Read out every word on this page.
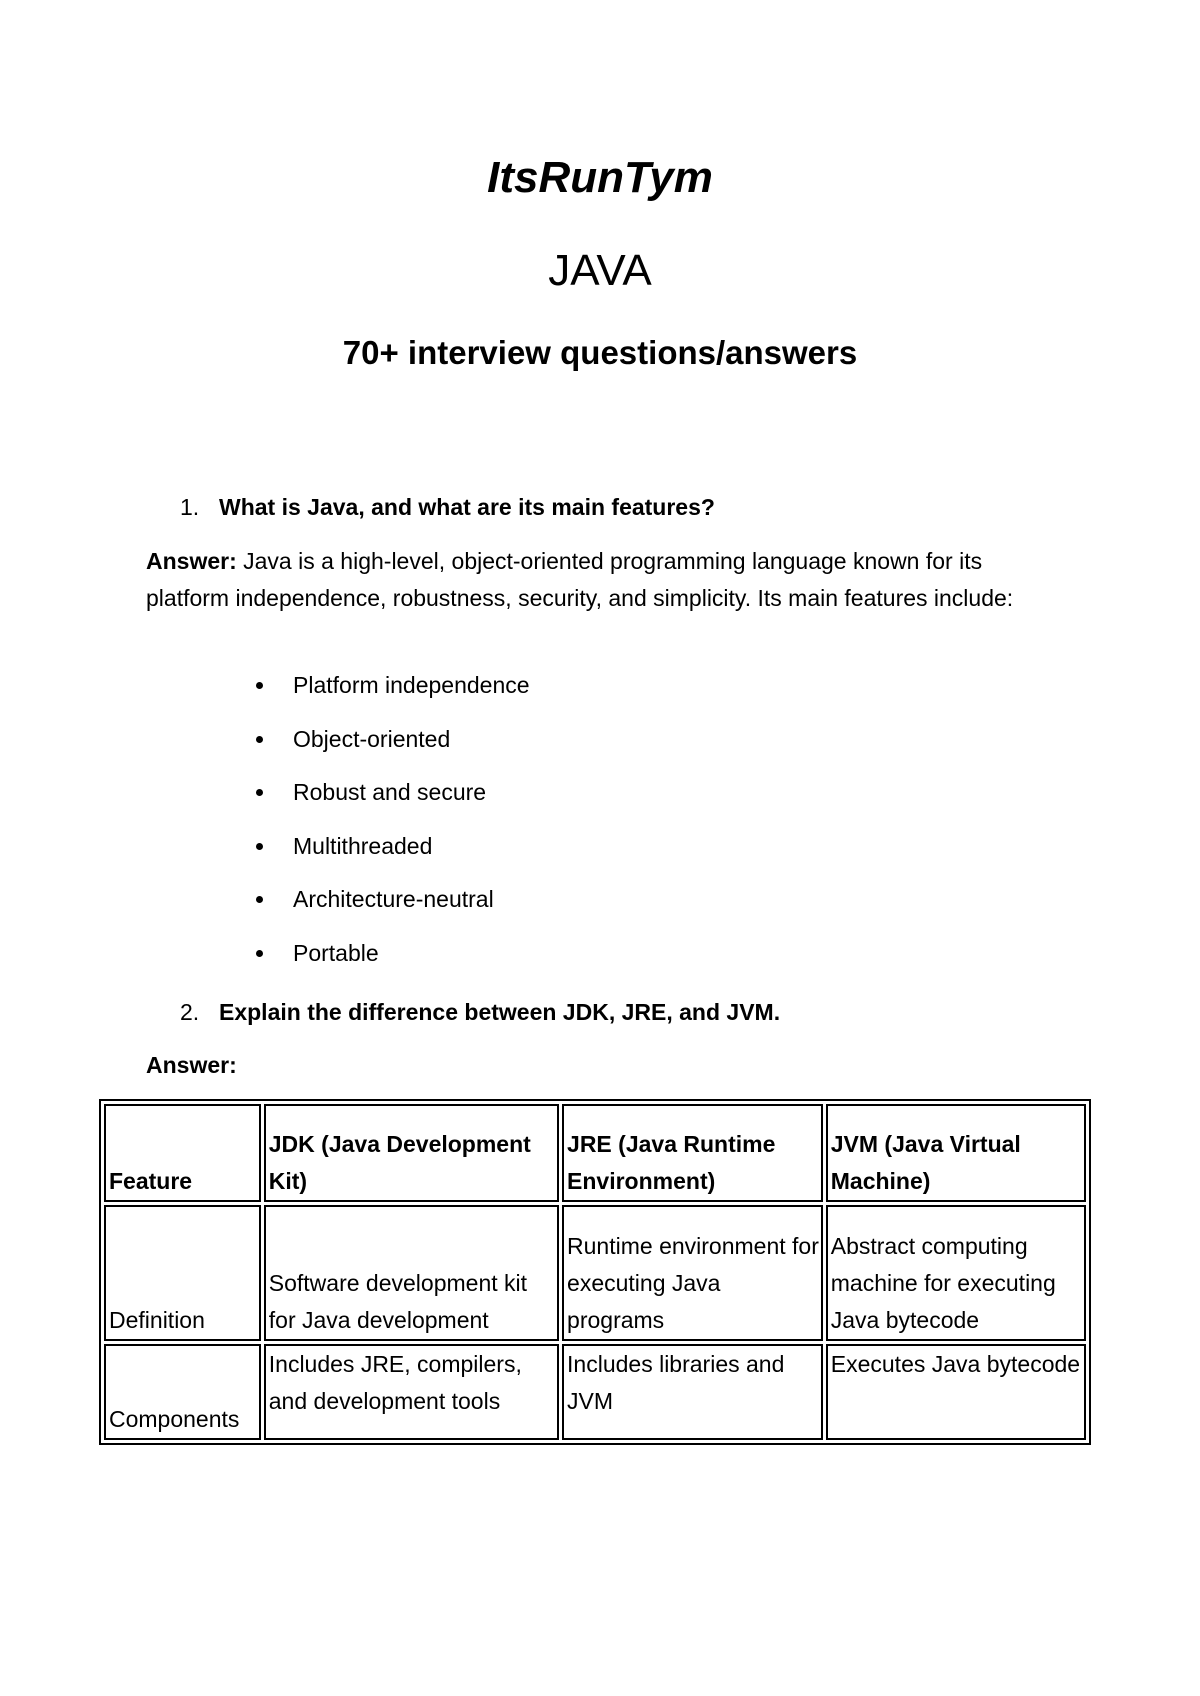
ItsRunTym
JAVA
70+ interview questions/answers
1. What is Java, and what are its main features?
Answer: Java is a high-level, object-oriented programming language known for its platform independence, robustness, security, and simplicity. Its main features include:
Platform independence
Object-oriented
Robust and secure
Multithreaded
Architecture-neutral
Portable
2. Explain the difference between JDK, JRE, and JVM.
Answer:
Feature	JDK (Java Development Kit)	JRE (Java Runtime Environment)	JVM (Java Virtual Machine)
Definition	Software development kit for Java development	Runtime environment for executing Java programs	Abstract computing machine for executing Java bytecode
Components	Includes JRE, compilers, and development tools	Includes libraries and JVM	Executes Java bytecode
